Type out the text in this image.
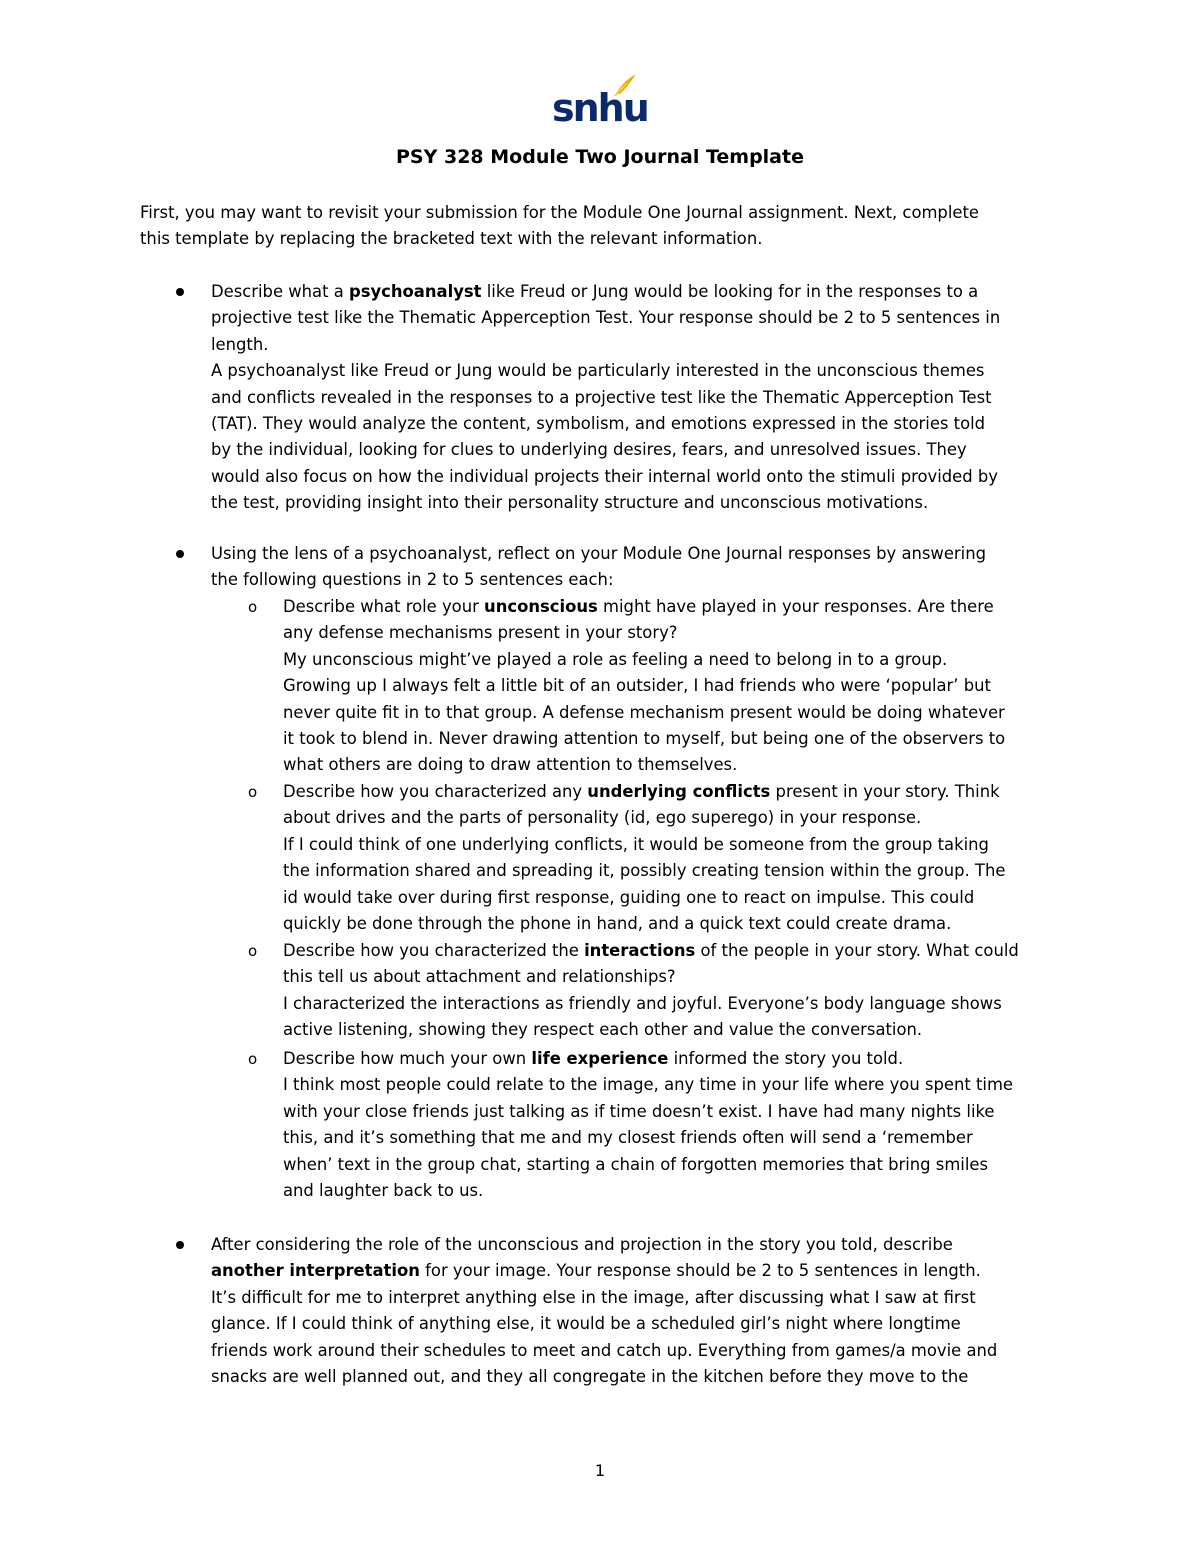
snhu
PSY 328 Module Two Journal Template
First, you may want to revisit your submission for the Module One Journal assignment. Next, complete
this template by replacing the bracketed text with the relevant information.
Describe what a psychoanalyst like Freud or Jung would be looking for in the responses to a
projective test like the Thematic Apperception Test. Your response should be 2 to 5 sentences in
length.
A psychoanalyst like Freud or Jung would be particularly interested in the unconscious themes
and conflicts revealed in the responses to a projective test like the Thematic Apperception Test
(TAT). They would analyze the content, symbolism, and emotions expressed in the stories told
by the individual, looking for clues to underlying desires, fears, and unresolved issues. They
would also focus on how the individual projects their internal world onto the stimuli provided by
the test, providing insight into their personality structure and unconscious motivations.
Using the lens of a psychoanalyst, reflect on your Module One Journal responses by answering
the following questions in 2 to 5 sentences each:
o Describe what role your unconscious might have played in your responses. Are there
any defense mechanisms present in your story?
My unconscious might’ve played a role as feeling a need to belong in to a group.
Growing up I always felt a little bit of an outsider, I had friends who were ‘popular’ but
never quite fit in to that group. A defense mechanism present would be doing whatever
it took to blend in. Never drawing attention to myself, but being one of the observers to
what others are doing to draw attention to themselves.
o Describe how you characterized any underlying conflicts present in your story. Think
about drives and the parts of personality (id, ego superego) in your response.
If I could think of one underlying conflicts, it would be someone from the group taking
the information shared and spreading it, possibly creating tension within the group. The
id would take over during first response, guiding one to react on impulse. This could
quickly be done through the phone in hand, and a quick text could create drama.
o Describe how you characterized the interactions of the people in your story. What could
this tell us about attachment and relationships?
I characterized the interactions as friendly and joyful. Everyone’s body language shows
active listening, showing they respect each other and value the conversation.
o Describe how much your own life experience informed the story you told.
I think most people could relate to the image, any time in your life where you spent time
with your close friends just talking as if time doesn’t exist. I have had many nights like
this, and it’s something that me and my closest friends often will send a ‘remember
when’ text in the group chat, starting a chain of forgotten memories that bring smiles
and laughter back to us.
After considering the role of the unconscious and projection in the story you told, describe
another interpretation for your image. Your response should be 2 to 5 sentences in length.
It’s difficult for me to interpret anything else in the image, after discussing what I saw at first
glance. If I could think of anything else, it would be a scheduled girl’s night where longtime
friends work around their schedules to meet and catch up. Everything from games/a movie and
snacks are well planned out, and they all congregate in the kitchen before they move to the
1
